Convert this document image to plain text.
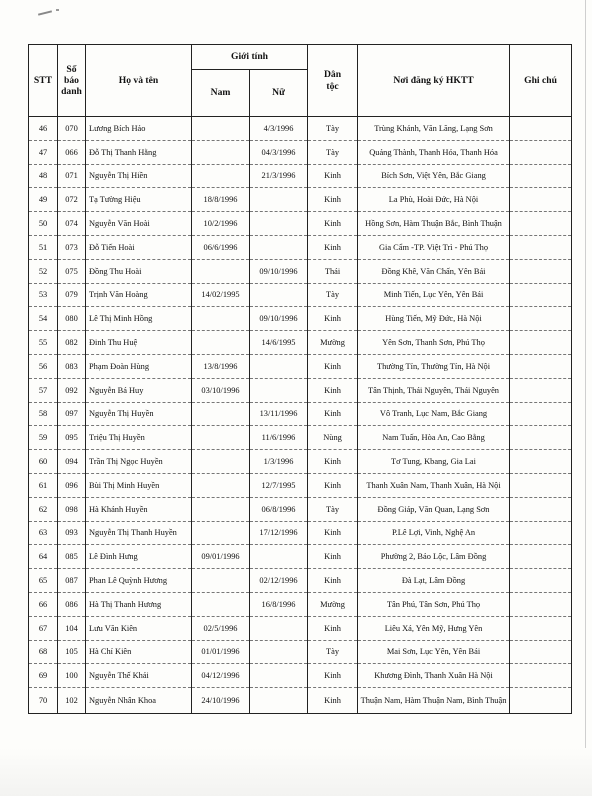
STT	Số
báo
danh	Họ và tên	Giới tính		Dân
tộc	Nơi đăng ký HKTT	Ghi chú
			Nam	Nữ			
46	070	Lương Bích Hảo		4/3/1996	Tày	Trùng Khánh, Văn Lãng, Lạng Sơn	
47	066	Đỗ Thị Thanh Hằng		04/3/1996	Tày	Quảng Thành, Thanh Hóa, Thanh Hóa	
48	071	Nguyễn Thị Hiền		21/3/1996	Kinh	Bích Sơn, Việt Yên, Bắc Giang	
49	072	Tạ Tường Hiệu	18/8/1996		Kinh	La Phù, Hoài Đức, Hà Nội	
50	074	Nguyễn Văn Hoài	10/2/1996		Kinh	Hồng Sơn, Hàm Thuận Bắc, Bình Thuận	
51	073	Đỗ Tiến Hoài	06/6/1996		Kinh	Gia Cẩm -TP. Việt Trì - Phú Thọ	
52	075	Đồng Thu Hoài		09/10/1996	Thái	Đồng Khê, Văn Chấn, Yên Bái	
53	079	Trịnh Văn Hoàng	14/02/1995		Tày	Minh Tiến, Lục Yên, Yên Bái	
54	080	Lê Thị Minh Hồng		09/10/1996	Kinh	Hùng Tiến, Mỹ Đức, Hà Nội	
55	082	Đinh Thu Huệ		14/6/1995	Mường	Yên Sơn, Thanh Sơn, Phú Thọ	
56	083	Phạm Đoàn Hùng	13/8/1996		Kinh	Thường Tín, Thường Tín, Hà Nội	
57	092	Nguyễn Bá Huy	03/10/1996		Kinh	Tân Thịnh, Thái Nguyên, Thái Nguyên	
58	097	Nguyễn Thị Huyền		13/11/1996	Kinh	Vô Tranh, Lục Nam, Bắc Giang	
59	095	Triệu Thị Huyền		11/6/1996	Nùng	Nam Tuấn, Hòa An, Cao Bằng	
60	094	Trần Thị Ngọc Huyền		1/3/1996	Kinh	Tơ Tung, Kbang, Gia Lai	
61	096	Bùi Thị Minh Huyền		12/7/1995	Kinh	Thanh Xuân Nam, Thanh Xuân, Hà Nội	
62	098	Hà Khánh Huyền		06/8/1996	Tày	Đồng Giáp, Văn Quan, Lạng Sơn	
63	093	Nguyễn Thị Thanh Huyền		17/12/1996	Kinh	P.Lê Lợi, Vinh, Nghệ An	
64	085	Lê Đình Hưng	09/01/1996		Kinh	Phường 2, Bảo Lộc, Lâm Đồng	
65	087	Phan Lê Quỳnh Hương		02/12/1996	Kinh	Đà Lạt, Lâm Đồng	
66	086	Hà Thị Thanh Hương		16/8/1996	Mường	Tân Phú, Tân Sơn, Phú Thọ	
67	104	Lưu Văn Kiên	02/5/1996		Kinh	Liêu Xá, Yên Mỹ, Hưng Yên	
68	105	Hà Chí Kiên	01/01/1996		Tày	Mai Sơn, Lục Yên, Yên Bái	
69	100	Nguyễn Thế Khải	04/12/1996		Kinh	Khương Đình, Thanh Xuân Hà Nội	
70	102	Nguyễn Nhân Khoa	24/10/1996		Kinh	Thuận Nam, Hàm Thuận Nam, Bình Thuận	
